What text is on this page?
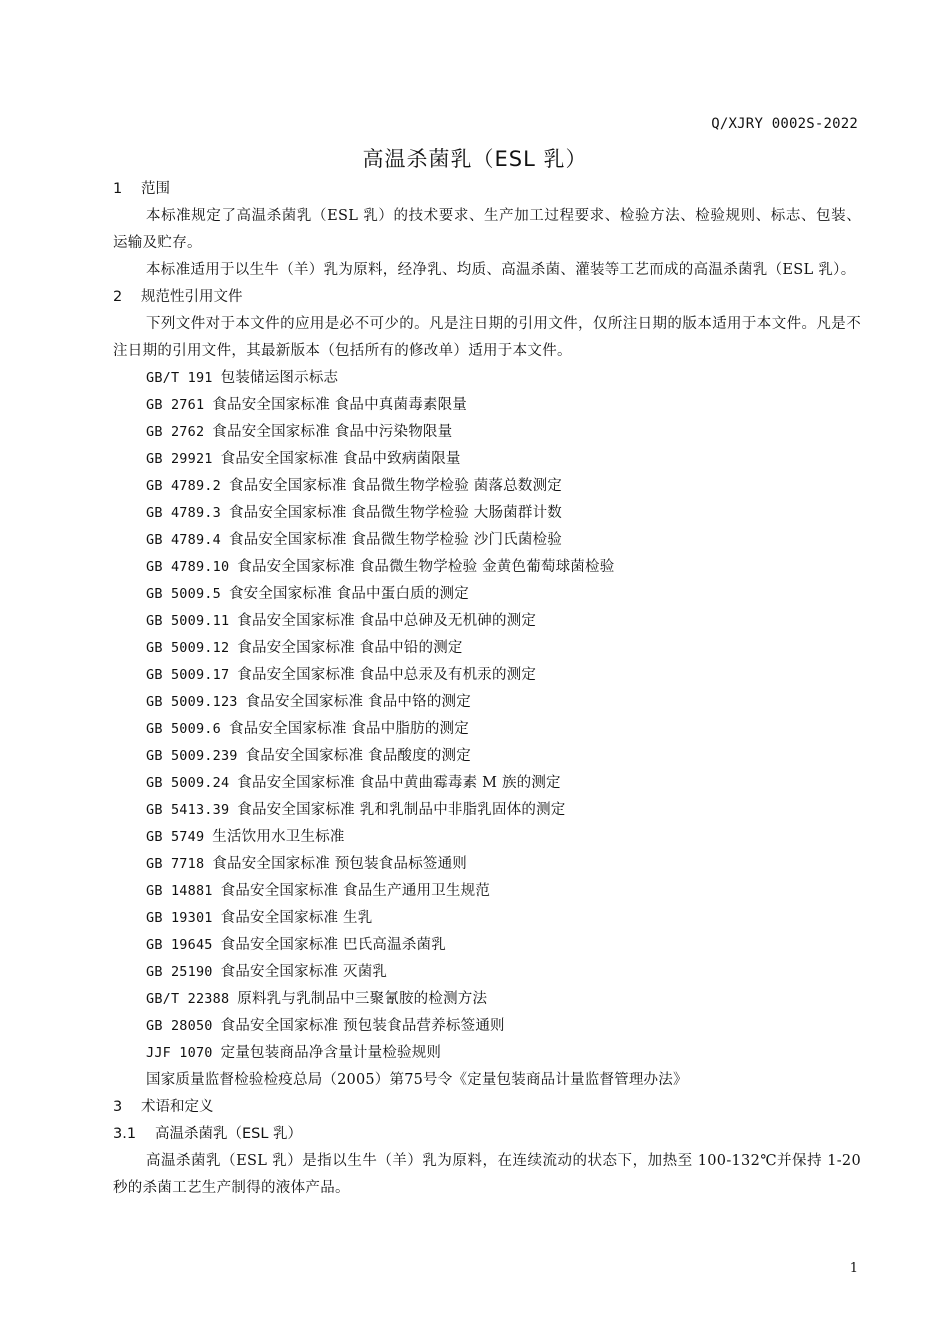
Q/XJRY 0002S-2022
高温杀菌乳（ESL 乳）
1 范围
本标准规定了高温杀菌乳（ESL 乳）的技术要求、生产加工过程要求、检验方法、检验规则、标志、包装、运输及贮存。
本标准适用于以生牛（羊）乳为原料，经净乳、均质、高温杀菌、灌装等工艺而成的高温杀菌乳（ESL 乳）。
2 规范性引用文件
下列文件对于本文件的应用是必不可少的。凡是注日期的引用文件，仅所注日期的版本适用于本文件。凡是不注日期的引用文件，其最新版本（包括所有的修改单）适用于本文件。
GB/T 191 包装储运图示标志
GB 2761 食品安全国家标准 食品中真菌毒素限量
GB 2762 食品安全国家标准 食品中污染物限量
GB 29921 食品安全国家标准 食品中致病菌限量
GB 4789.2 食品安全国家标准 食品微生物学检验 菌落总数测定
GB 4789.3 食品安全国家标准 食品微生物学检验 大肠菌群计数
GB 4789.4 食品安全国家标准 食品微生物学检验 沙门氏菌检验
GB 4789.10 食品安全国家标准 食品微生物学检验 金黄色葡萄球菌检验
GB 5009.5 食安全国家标准 食品中蛋白质的测定
GB 5009.11 食品安全国家标准 食品中总砷及无机砷的测定
GB 5009.12 食品安全国家标准 食品中铅的测定
GB 5009.17 食品安全国家标准 食品中总汞及有机汞的测定
GB 5009.123 食品安全国家标准 食品中铬的测定
GB 5009.6 食品安全国家标准 食品中脂肪的测定
GB 5009.239 食品安全国家标准 食品酸度的测定
GB 5009.24 食品安全国家标准 食品中黄曲霉毒素 M 族的测定
GB 5413.39 食品安全国家标准 乳和乳制品中非脂乳固体的测定
GB 5749 生活饮用水卫生标准
GB 7718 食品安全国家标准 预包装食品标签通则
GB 14881 食品安全国家标准 食品生产通用卫生规范
GB 19301 食品安全国家标准 生乳
GB 19645 食品安全国家标准 巴氏高温杀菌乳
GB 25190 食品安全国家标准 灭菌乳
GB/T 22388 原料乳与乳制品中三聚氰胺的检测方法
GB 28050 食品安全国家标准 预包装食品营养标签通则
JJF 1070 定量包装商品净含量计量检验规则
国家质量监督检验检疫总局（2005）第75号令《定量包装商品计量监督管理办法》
3 术语和定义
3.1 高温杀菌乳（ESL 乳）
高温杀菌乳（ESL 乳）是指以生牛（羊）乳为原料，在连续流动的状态下，加热至 100-132℃并保持 1-20 秒的杀菌工艺生产制得的液体产品。
1
